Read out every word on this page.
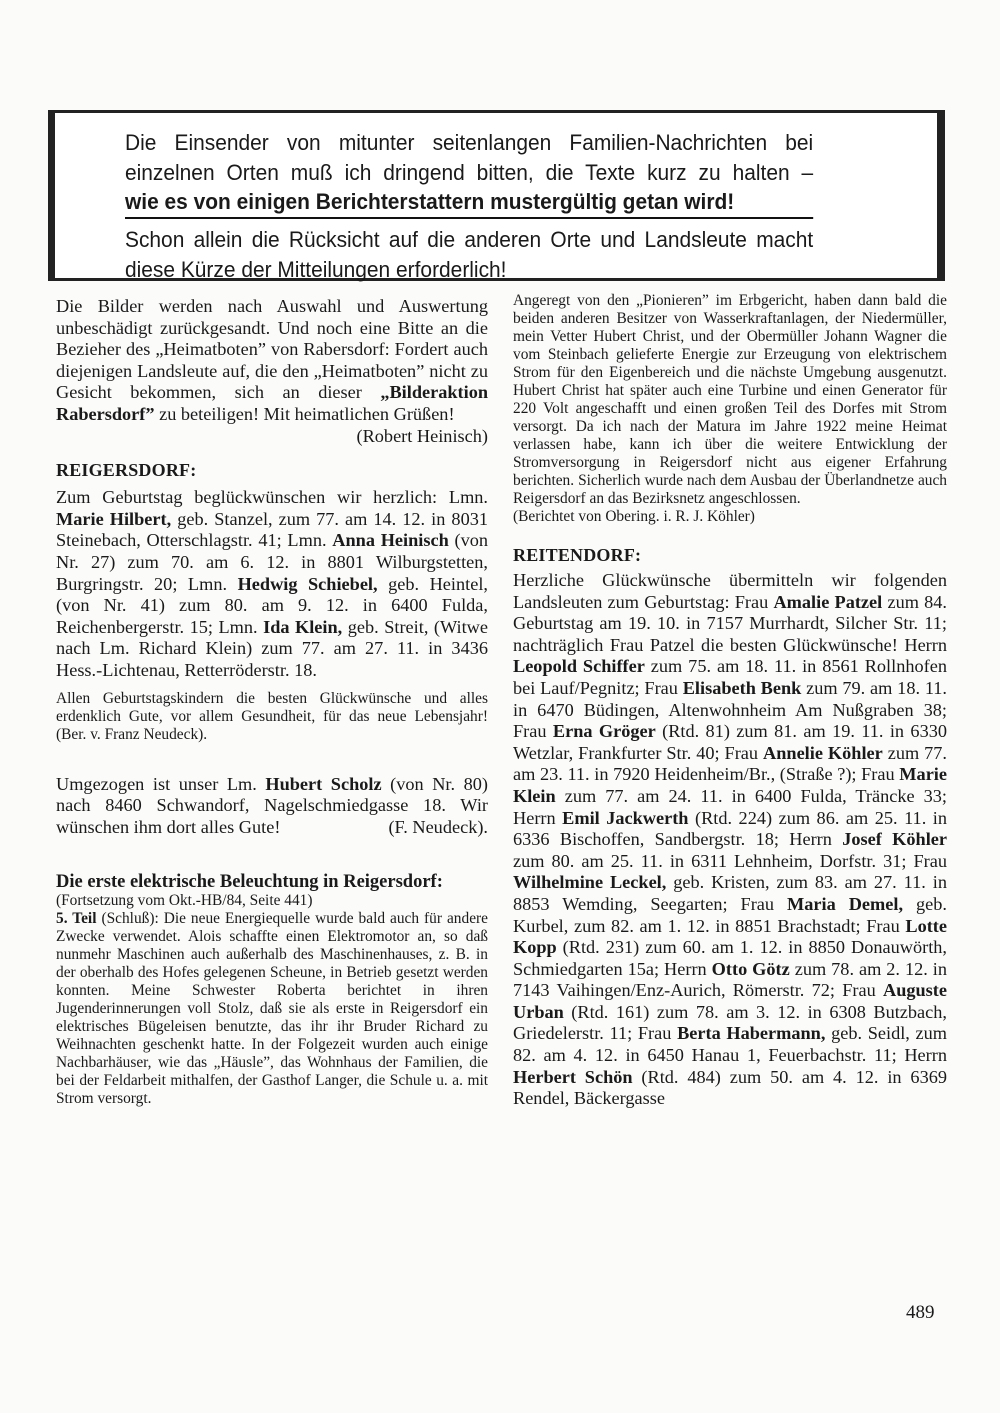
Die Einsender von mitunter seitenlangen Familien-Nachrichten bei einzelnen Orten muß ich dringend bitten, die Texte kurz zu halten –

wie es von einigen Berichterstattern mustergültig getan wird!

Schon allein die Rücksicht auf die anderen Orte und Landsleute macht diese Kürze der Mitteilungen erforderlich!

Die Bilder werden nach Auswahl und Auswertung unbeschädigt zurückgesandt. Und noch eine Bitte an die Bezieher des „Heimatboten” von Rabersdorf: Fordert auch diejenigen Landsleute auf, die den „Heimatboten” nicht zu Gesicht bekommen, sich an dieser „Bilderaktion Rabersdorf” zu beteiligen! Mit heimatlichen Grüßen!
(Robert Heinisch)

REIGERSDORF:

Zum Geburtstag beglückwünschen wir herzlich: Lmn. Marie Hilbert, geb. Stanzel, zum 77. am 14. 12. in 8031 Steinebach, Otterschlagstr. 41; Lmn. Anna Heinisch (von Nr. 27) zum 70. am 6. 12. in 8801 Wilburgstetten, Burgringstr. 20; Lmn. Hedwig Schiebel, geb. Heintel, (von Nr. 41) zum 80. am 9. 12. in 6400 Fulda, Reichenbergerstr. 15; Lmn. Ida Klein, geb. Streit, (Witwe nach Lm. Richard Klein) zum 77. am 27. 11. in 3436 Hess.-Lichtenau, Retterröderstr. 18.

Allen Geburtstagskindern die besten Glückwünsche und alles erdenklich Gute, vor allem Gesundheit, für das neue Lebensjahr! (Ber. v. Franz Neudeck).

Umgezogen ist unser Lm. Hubert Scholz (von Nr. 80) nach 8460 Schwandorf, Nagelschmiedgasse 18. Wir wünschen ihm dort alles Gute!	(F. Neudeck).

Die erste elektrische Beleuchtung in Reigersdorf:

(Fortsetzung vom Okt.-HB/84, Seite 441)

5. Teil (Schluß): Die neue Energiequelle wurde bald auch für andere Zwecke verwendet. Alois schaffte einen Elektromotor an, so daß nunmehr Maschinen auch außerhalb des Maschinenhauses, z. B. in der oberhalb des Hofes gelegenen Scheune, in Betrieb gesetzt werden konnten. Meine Schwester Roberta berichtet in ihren Jugenderinnerungen voll Stolz, daß sie als erste in Reigersdorf ein elektrisches Bügeleisen benutzte, das ihr ihr Bruder Richard zu Weihnachten geschenkt hatte. In der Folgezeit wurden auch einige Nachbarhäuser, wie das „Häusle”, das Wohnhaus der Familien, die bei der Feldarbeit mithalfen, der Gasthof Langer, die Schule u. a. mit Strom versorgt.

Angeregt von den „Pionieren” im Erbgericht, haben dann bald die beiden anderen Besitzer von Wasserkraftanlagen, der Niedermüller, mein Vetter Hubert Christ, und der Obermüller Johann Wagner die vom Steinbach gelieferte Energie zur Erzeugung von elektrischem Strom für den Eigenbereich und die nächste Umgebung ausgenutzt. Hubert Christ hat später auch eine Turbine und einen Generator für 220 Volt angeschafft und einen großen Teil des Dorfes mit Strom versorgt. Da ich nach der Matura im Jahre 1922 meine Heimat verlassen habe, kann ich über die weitere Entwicklung der Stromversorgung in Reigersdorf nicht aus eigener Erfahrung berichten. Sicherlich wurde nach dem Ausbau der Überlandnetze auch Reigersdorf an das Bezirksnetz angeschlossen.

(Berichtet von Obering. i. R. J. Köhler)

REITENDORF:

Herzliche Glückwünsche übermitteln wir folgenden Landsleuten zum Geburtstag: Frau Amalie Patzel zum 84. Geburtstag am 19. 10. in 7157 Murrhardt, Silcher Str. 11; nachträglich Frau Patzel die besten Glückwünsche! Herrn Leopold Schiffer zum 75. am 18. 11. in 8561 Rollnhofen bei Lauf/Pegnitz; Frau Elisabeth Benk zum 79. am 18. 11. in 6470 Büdingen, Altenwohnheim Am Nußgraben 38; Frau Erna Gröger (Rtd. 81) zum 81. am 19. 11. in 6330 Wetzlar, Frankfurter Str. 40; Frau Annelie Köhler zum 77. am 23. 11. in 7920 Heidenheim/Br., (Straße ?); Frau Marie Klein zum 77. am 24. 11. in 6400 Fulda, Träncke 33; Herrn Emil Jackwerth (Rtd. 224) zum 86. am 25. 11. in 6336 Bischoffen, Sandbergstr. 18; Herrn Josef Köhler zum 80. am 25. 11. in 6311 Lehnheim, Dorfstr. 31; Frau Wilhelmine Leckel, geb. Kristen, zum 83. am 27. 11. in 8853 Wemding, Seegarten; Frau Maria Demel, geb. Kurbel, zum 82. am 1. 12. in 8851 Brachstadt; Frau Lotte Kopp (Rtd. 231) zum 60. am 1. 12. in 8850 Donauwörth, Schmiedgarten 15a; Herrn Otto Götz zum 78. am 2. 12. in 7143 Vaihingen/Enz-Aurich, Römerstr. 72; Frau Auguste Urban (Rtd. 161) zum 78. am 3. 12. in 6308 Butzbach, Griedelerstr. 11; Frau Berta Habermann, geb. Seidl, zum 82. am 4. 12. in 6450 Hanau 1, Feuerbachstr. 11; Herrn Herbert Schön (Rtd. 484) zum 50. am 4. 12. in 6369 Rendel, Bäckergasse

489
